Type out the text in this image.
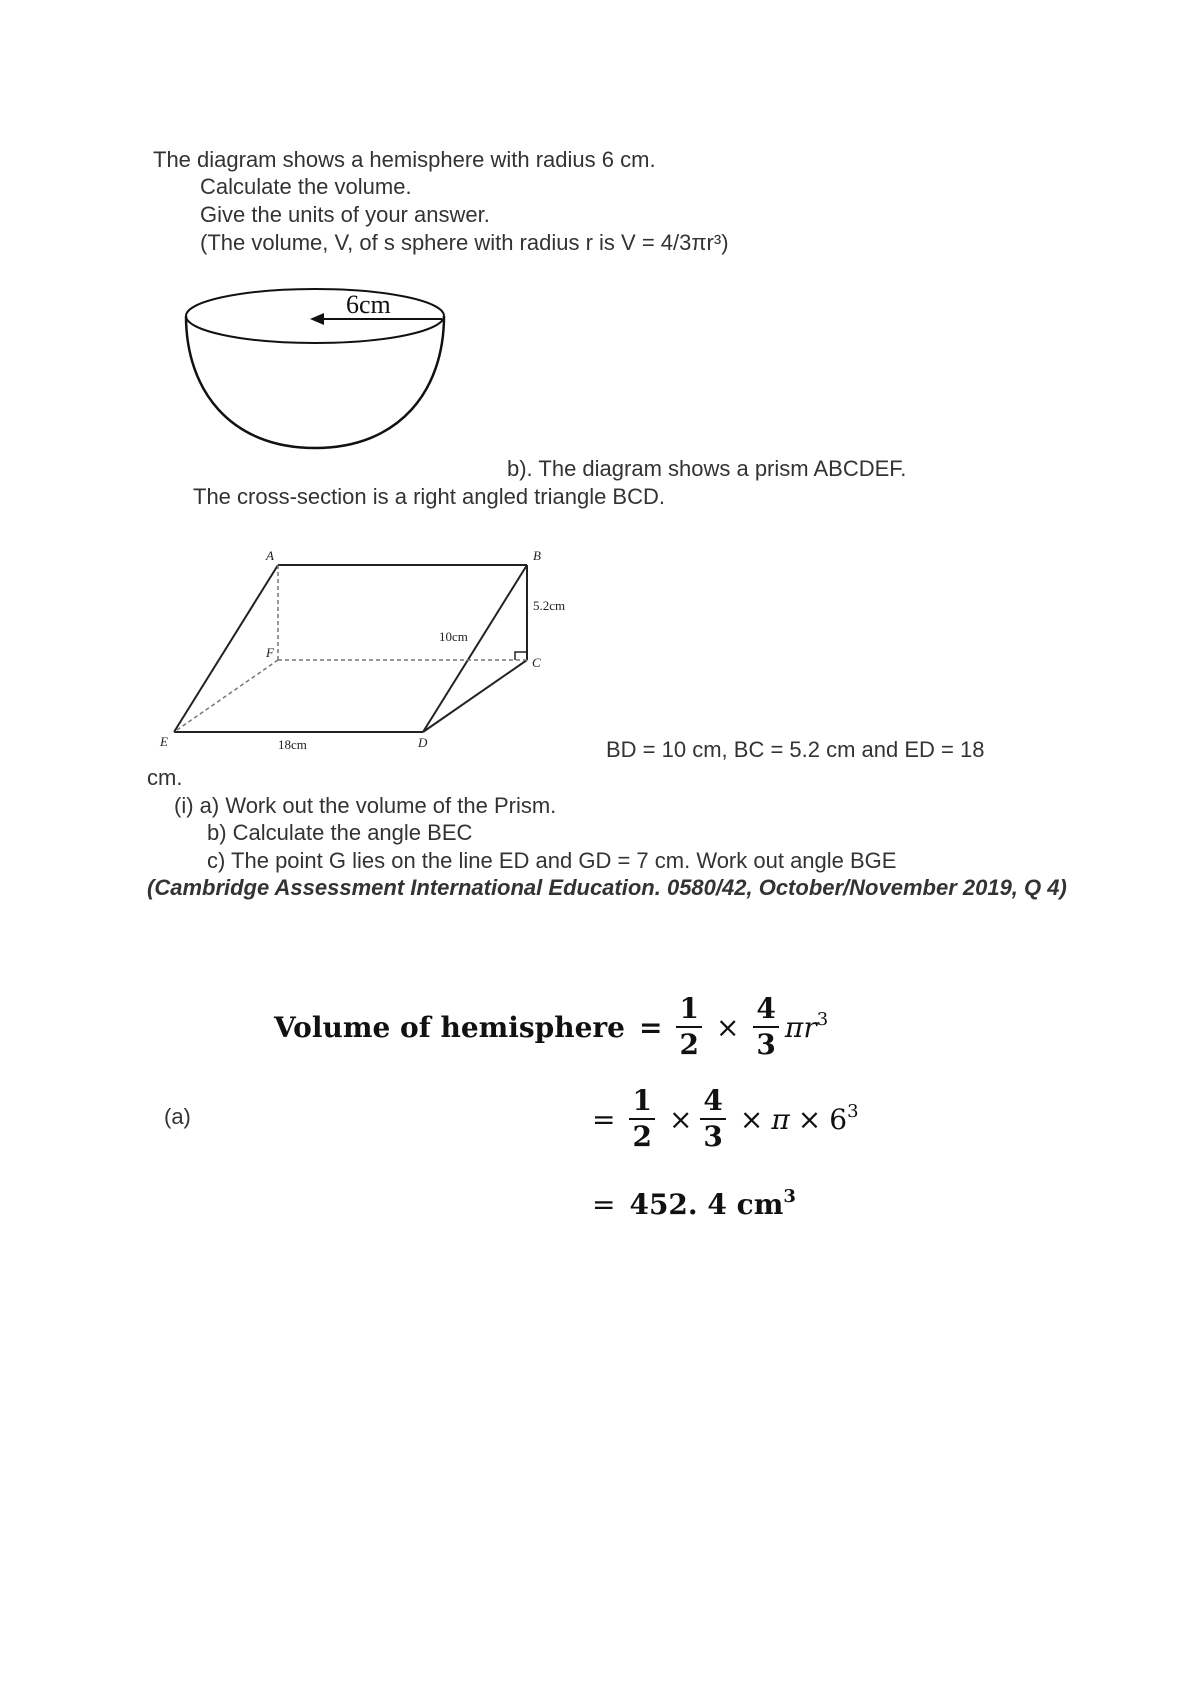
The diagram shows a hemisphere with radius 6 cm.
Calculate the volume.
Give the units of your answer.
(The volume, V, of s sphere with radius r is V = 4/3πr³)
6cm
b). The diagram shows a prism ABCDEF.
The cross-section is a right angled triangle BCD.
A	B
C
D
E
F
5.2cm
10cm
18cm	BD = 10 cm, BC = 5.2 cm and ED = 18
cm.
(i) a) Work out the volume of the Prism.
b) Calculate the angle BEC
c) The point G lies on the line ED and GD = 7 cm. Work out angle BGE
(Cambridge Assessment International Education. 0580/42, October/November 2019, Q 4)
(a)
Volume of hemisphere = $\frac{1}{2} \times \frac{4}{3}$ π r 3
= $\frac{1}{2} \times \frac{4}{3} \times \pi \times 6$ 3
= 452. 4 cm 3
